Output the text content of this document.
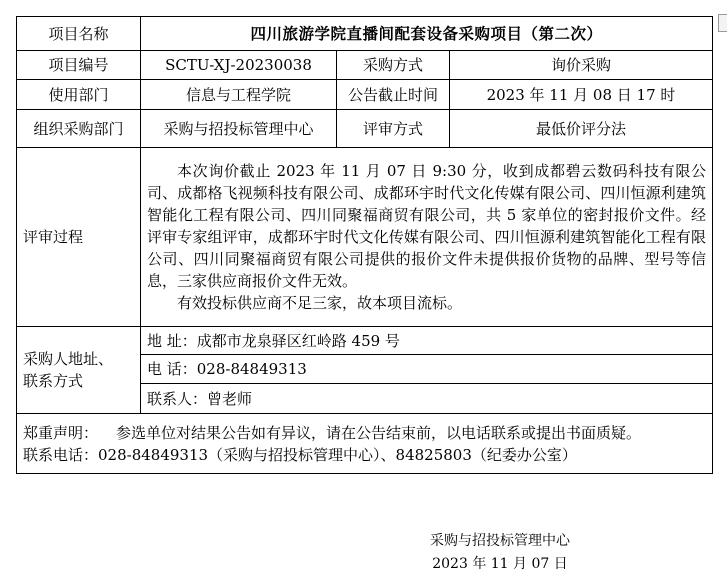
项目名称	四川旅游学院直播间配套设备采购项目（第二次）		
项目编号	SCTU-XJ-20230038	采购方式	询价采购
使用部门	信息与工程学院	公告截止时间	2023 年 11 月 08 日 17 时
组织采购部门	采购与招投标管理中心	评审方式	最低价评分法
评审过程	本次询价截止 2023 年 11 月 07 日 9:30 分，收到成都碧云数码科技有限公司、成都格飞视频科技有限公司、成都环宇时代文化传媒有限公司、四川恒源利建筑智能化工程有限公司、四川同聚福商贸有限公司，共 5 家单位的密封报价文件。经评审专家组评审，成都环宇时代文化传媒有限公司、四川恒源利建筑智能化工程有限公司、四川同聚福商贸有限公司提供的报价文件未提供报价货物的品牌、型号等信息，三家供应商报价文件无效。
有效投标供应商不足三家，故本项目流标。		

采购人地址、
联系方式	地 址：成都市龙泉驿区红岭路 459 号		
	电 话：028-84849313		
	联系人：曾老师		

郑重声明： 参选单位对结果公告如有异议，请在公告结束前，以电话联系或提出书面质疑。
联系电话：028-84849313（采购与招投标管理中心）、84825803（纪委办公室）			
采购与招投标管理中心
2023 年 11 月 07 日
